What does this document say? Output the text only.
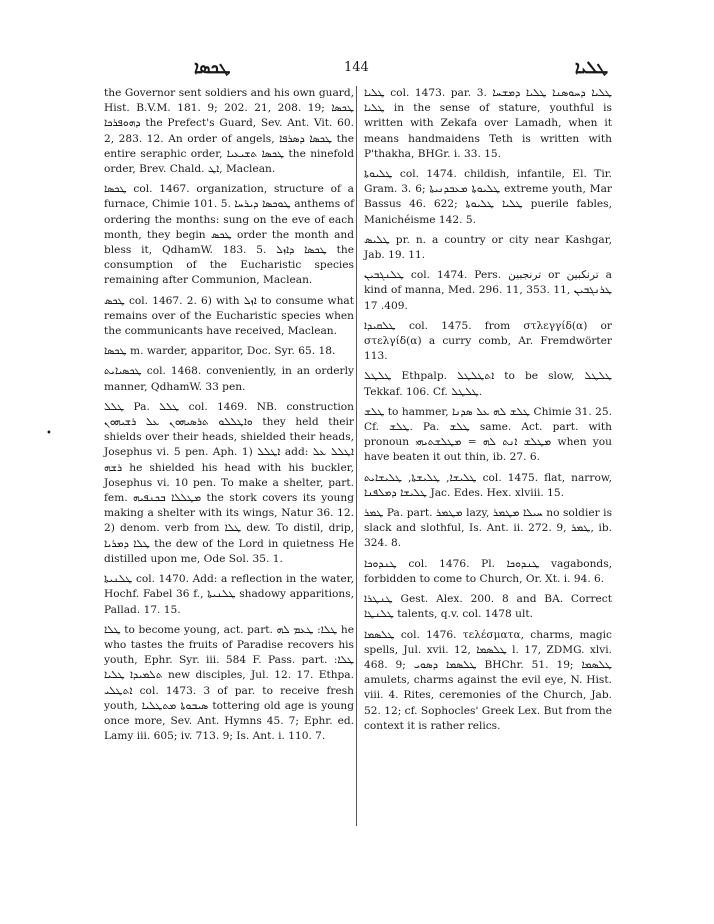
ܛܟܣܐ	144	ܛܠܝܐ
•

the Governor sent soldiers and his own guard, Hist. B.V.M. 181. 9; 202. 21, 208. 19; ܛܟܣܐ ܕܗܘܦܪܟܐ the Prefect's Guard, Sev. Ant. Vit. 60. 2, 283. 12. An order of angels, ܛܟܣܐ ܕܣܪܦܐ the entire seraphic order, ܛܟܣܐ ܬܫܝܥܝܐ the ninefold order, Brev. Chald. ܐܛ, Maclean.

ܛܟܣܐ col. 1467. organization, structure of a furnace, Chimie 101. 5. ܛܘܟܣܐ ܕܝܪܚܐ anthems of ordering the months: sung on the eve of each month, they begin ܛܟܣ order the month and bless it, QdhamW. 183. 5. ܛܟܣܐ ܕܐܙܠ the consumption of the Eucharistic species remaining after Communion, Maclean.

ܛܟܣ col. 1467. 2. 6) with ܐܙܠ to consume what remains over of the Eucharistic species when the communicants have received, Maclean.

ܛܟܣܐ m. warder, apparitor, Doc. Syr. 65. 18.

ܛܟܣܝܐܝܬ col. 1468. conveniently, in an orderly manner, QdhamW. 33 pen.

ܛܠܠ Pa. ܛܠܠ col. 1469. NB. construction ܘܐܛܠܠܘ ܬܪܣܝܗܘܢ ܥܠ ܪܫܝܗܘܢ they held their shields over their heads, shielded their heads, Josephus vi. 5 pen. Aph. 1) ܐܛܠܠ add: ܐܛܠܠ ܥܠ ܪܫܗ he shielded his head with his buckler, Josephus vi. 10 pen. To make a shelter, part. fem. ܡܛܠܠܐ ܒܟܢܦܝܗ the stork covers its young making a shelter with its wings, Natur 36. 12. 2) denom. verb from ܛܠܐ dew. To distil, drip, ܛܠܐ ܕܡܪܝܐ the dew of the Lord in quietness He distilled upon me, Ode Sol. 35. 1.

ܛܠܢܝܬܐ col. 1470. Add: a reflection in the water, Hochf. Fabel 36 f., ܛܠܢܝܬܐ shadowy apparitions, Pallad. 17. 15.

ܛܠܐ to become young, act. part. ܛܠܐ: ܛܥܡ ܠܗ he who tastes the fruits of Paradise recovers his youth, Ephr. Syr. iii. 584 F. Pass. part. ܛܠܐ: ܬܠܡܝܕܐ ܛܠܝܐ new disciples, Jul. 12. 17. Ethpa. ܐܬܛܠܝ col. 1473. 3 of par. to receive fresh youth, ܣܝܒܘܬܐ ܡܬܛܠܝܐ tottering old age is young once more, Sev. Ant. Hymns 45. 7; Ephr. ed. Lamy iii. 605; iv. 713. 9; Is. Ant. i. 110. 7.

ܛܠܝܐ col. 1473. par. 3. ܛܠܝܐ ܕܚܘܣܢܐ ܛܠܝܐ ܕܡܫܚܐ ܛܠܝܐ in the sense of stature, youthful is written with Zekafa over Lamadh, when it means handmaidens Teth is written with P'thakha, BHGr. i. 33. 15.

ܛܠܝܘܬܐ col. 1474. childish, infantile, El. Tir. Gram. 3. 6; ܛܠܝܘܬܐ ܡܥܒܕܢܝܬܐ extreme youth, Mar Bassus 46. 622; ܛܠܝܐ ܛܠܝܘܬܐ puerile fables, Manichéisme 142. 5.

ܛܠܝܣ pr. n. a country or city near Kashgar, Jab. 19. 11.

ܛܠܢܓܒܝܢ col. 1474. Pers. ترنجبين or ترنکبين a kind of manna, Med. 296. 11, 353. 11, ܛܪܢܓܒܝܢ 409. 17.

ܛܠܩܝܕܐ col. 1475. from στλεγγίδ(α) or στελγίδ(α) a curry comb, Ar. Fremdwörter 113.

ܛܠܛܠ Ethpalp. ܐܬܛܠܛܠ to be slow, ܛܠܛܠ Tekkaf. 106. Cf. ܛܠܛܠ.

ܛܠܫ to hammer, ܛܠܫ ܠܗ ܥܠ ܣܕܢܐ Chimie 31. 25. Cf. ܛܠܫ. Pa. ܛܠܫ same. Act. part. with pronoun ܡܛܠܫ ܐܢܬ ܠܗ = ܡܛܠܫܬܝܗܝ when you have beaten it out thin, ib. 27. 6.

ܛܠܝܫܐ, ܛܠܝܫܬܐ, ܛܠܝܫܐܝܬ col. 1475. flat, narrow, ܛܠܝܫܐ ܕܡܠܦܢܐ Jac. Edes. Hex. xlviii. 15.

ܛܡܪ Pa. part. ܡܛܡܪ lazy, ܚܝܠܐ ܡܛܡܪ no soldier is slack and slothful, Is. Ant. ii. 272. 9, ܛܡܪ, ib. 324. 8.

ܛܢܕܘܟܐ col. 1476. Pl. ܛܢܕܘܟܐ vagabonds, forbidden to come to Church, Or. Xt. i. 94. 6.

ܛܢܛܪܐ Gest. Alex. 200. 8 and BA. Correct ܛܠܢܛܐ talents, q.v. col. 1478 ult.

ܛܠܣܡܐ col. 1476. τελέσματα, charms, magic spells, Jul. xvii. 12, ܛܠܣܡܐ l. 17, ZDMG. xlvi. 468. 9; ܛܠܣܡܐ ܕܣܘܝ BHChr. 51. 19; ܛܠܣܡܐ amulets, charms against the evil eye, N. Hist. viii. 4. Rites, ceremonies of the Church, Jab. 52. 12; cf. Sophocles' Greek Lex. But from the context it is rather relics.
